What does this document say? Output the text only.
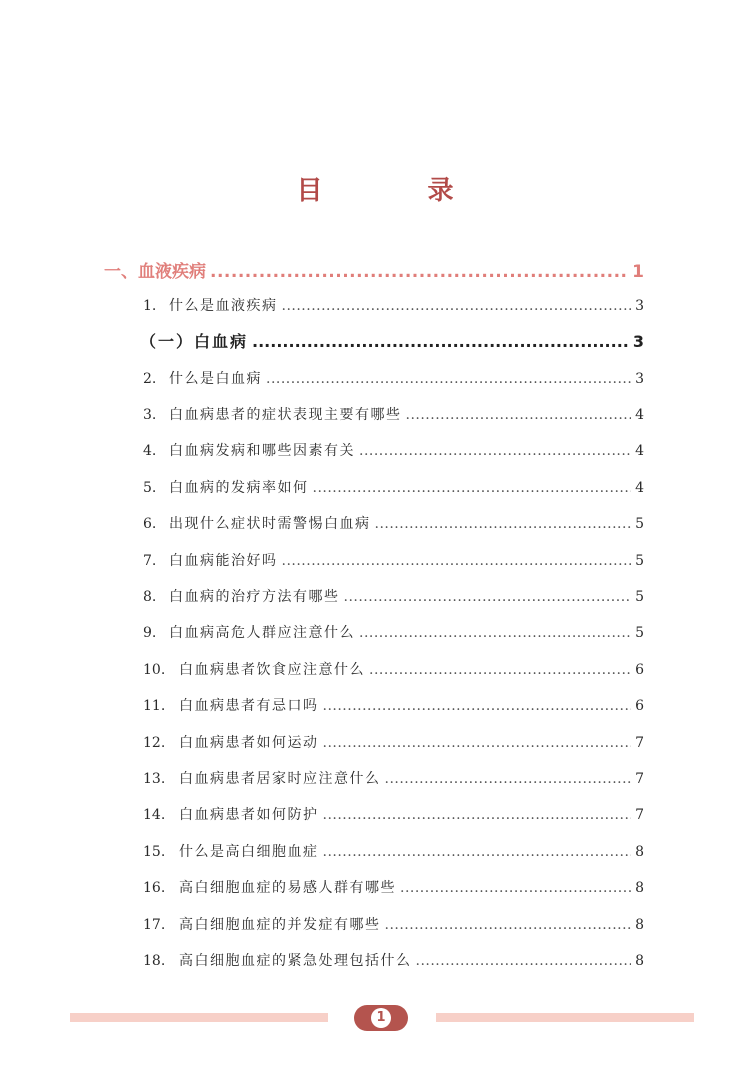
目 录
一、血液疾病 .....	1
1. 什么是血液疾病 .....	3
（一）白血病 .....	3
2. 什么是白血病 .....	3
3. 白血病患者的症状表现主要有哪些 .....	4
4. 白血病发病和哪些因素有关 .....	4
5. 白血病的发病率如何 .....	4
6. 出现什么症状时需警惕白血病 .....	5
7. 白血病能治好吗 .....	5
8. 白血病的治疗方法有哪些 .....	5
9. 白血病高危人群应注意什么 .....	5
10. 白血病患者饮食应注意什么 .....	6
11. 白血病患者有忌口吗 .....	6
12. 白血病患者如何运动 .....	7
13. 白血病患者居家时应注意什么 .....	7
14. 白血病患者如何防护 .....	7
15. 什么是高白细胞血症 .....	8
16. 高白细胞血症的易感人群有哪些 .....	8
17. 高白细胞血症的并发症有哪些 .....	8
18. 高白细胞血症的紧急处理包括什么 .....	8
1
